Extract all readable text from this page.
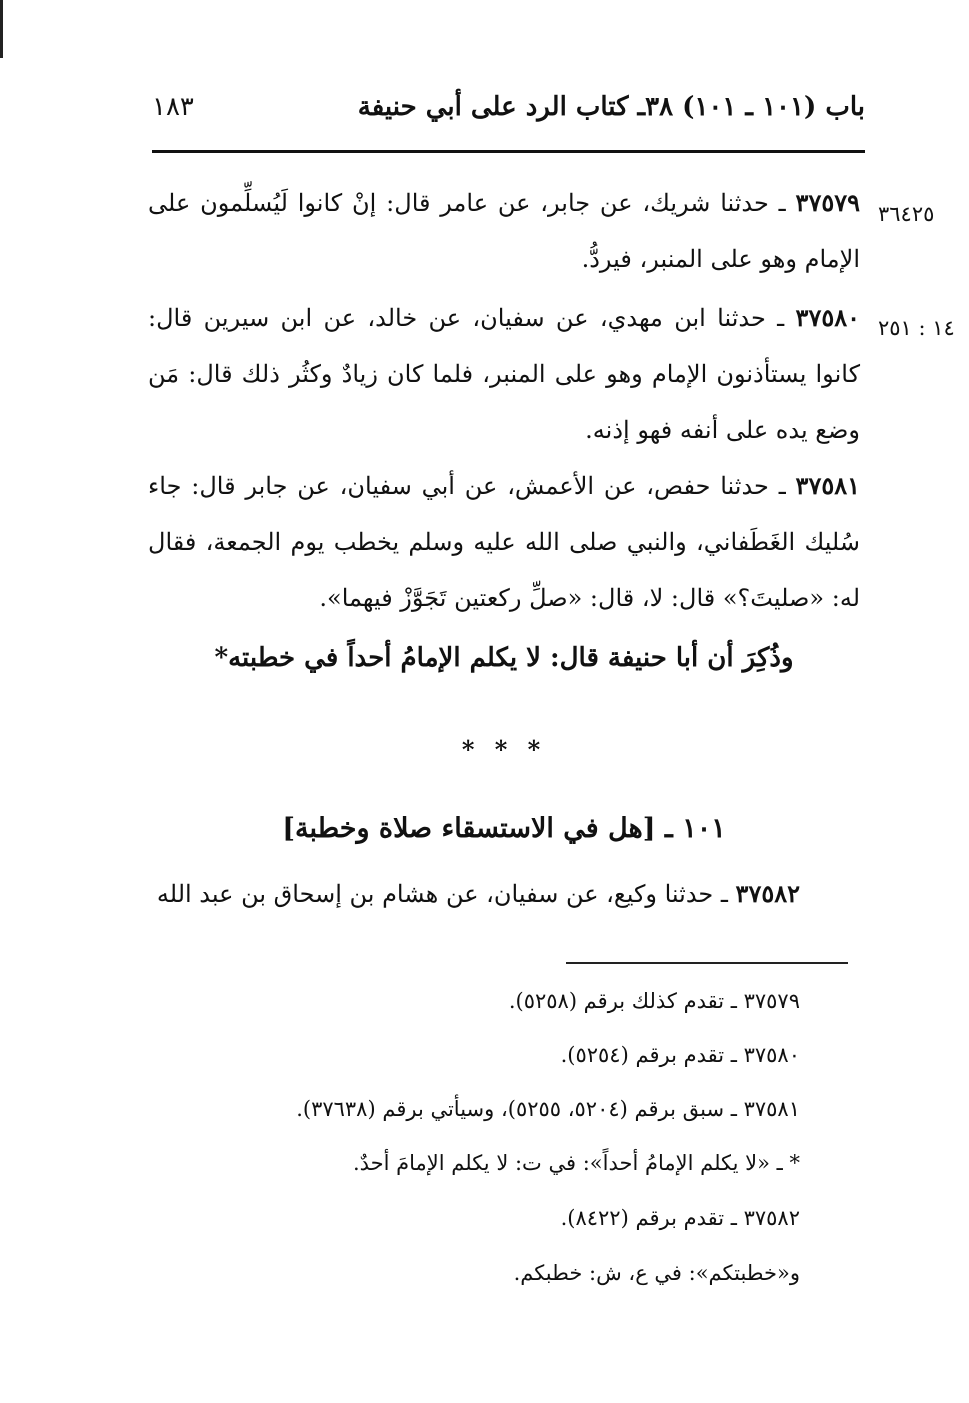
باب (١٠١ ـ ١٠١) ٣٨ـ كتاب الرد على أبي حنيفة
١٨٣
٣٦٤٢٥
١٤ : ٢٥١
٣٧٥٧٩ ـ حدثنا شريك، عن جابر، عن عامر قال: إنْ كانوا لَيُسلِّمون على الإمام وهو على المنبر، فيردُّ.
٣٧٥٨٠ ـ حدثنا ابن مهدي، عن سفيان، عن خالد، عن ابن سيرين قال: كانوا يستأذنون الإمام وهو على المنبر، فلما كان زيادٌ وكثُر ذلك قال: مَن وضع يده على أنفه فهو إذنه.
٣٧٥٨١ ـ حدثنا حفص، عن الأعمش، عن أبي سفيان، عن جابر قال: جاء سُليك الغَطَفاني، والنبي صلى الله عليه وسلم يخطب يوم الجمعة، فقال له: «صليتَ؟» قال: لا، قال: «صلِّ ركعتين تَجَوَّزْ فيهما».
وذُكِرَ أن أبا حنيفة قال: لا يكلم الإمامُ أحداً في خطبته*
* * *
١٠١ ـ [هل في الاستسقاء صلاة وخطبة]
٣٧٥٨٢ ـ حدثنا وكيع، عن سفيان، عن هشام بن إسحاق بن عبد الله
٣٧٥٧٩ ـ تقدم كذلك برقم (٥٢٥٨).
٣٧٥٨٠ ـ تقدم برقم (٥٢٥٤).
٣٧٥٨١ ـ سبق برقم (٥٢٠٤، ٥٢٥٥)، وسيأتي برقم (٣٧٦٣٨).
* ـ «لا يكلم الإمامُ أحداً»: في ت: لا يكلم الإمامَ أحدٌ.
٣٧٥٨٢ ـ تقدم برقم (٨٤٢٢).
و«خطبتكم»: في ع، ش: خطبكم.
